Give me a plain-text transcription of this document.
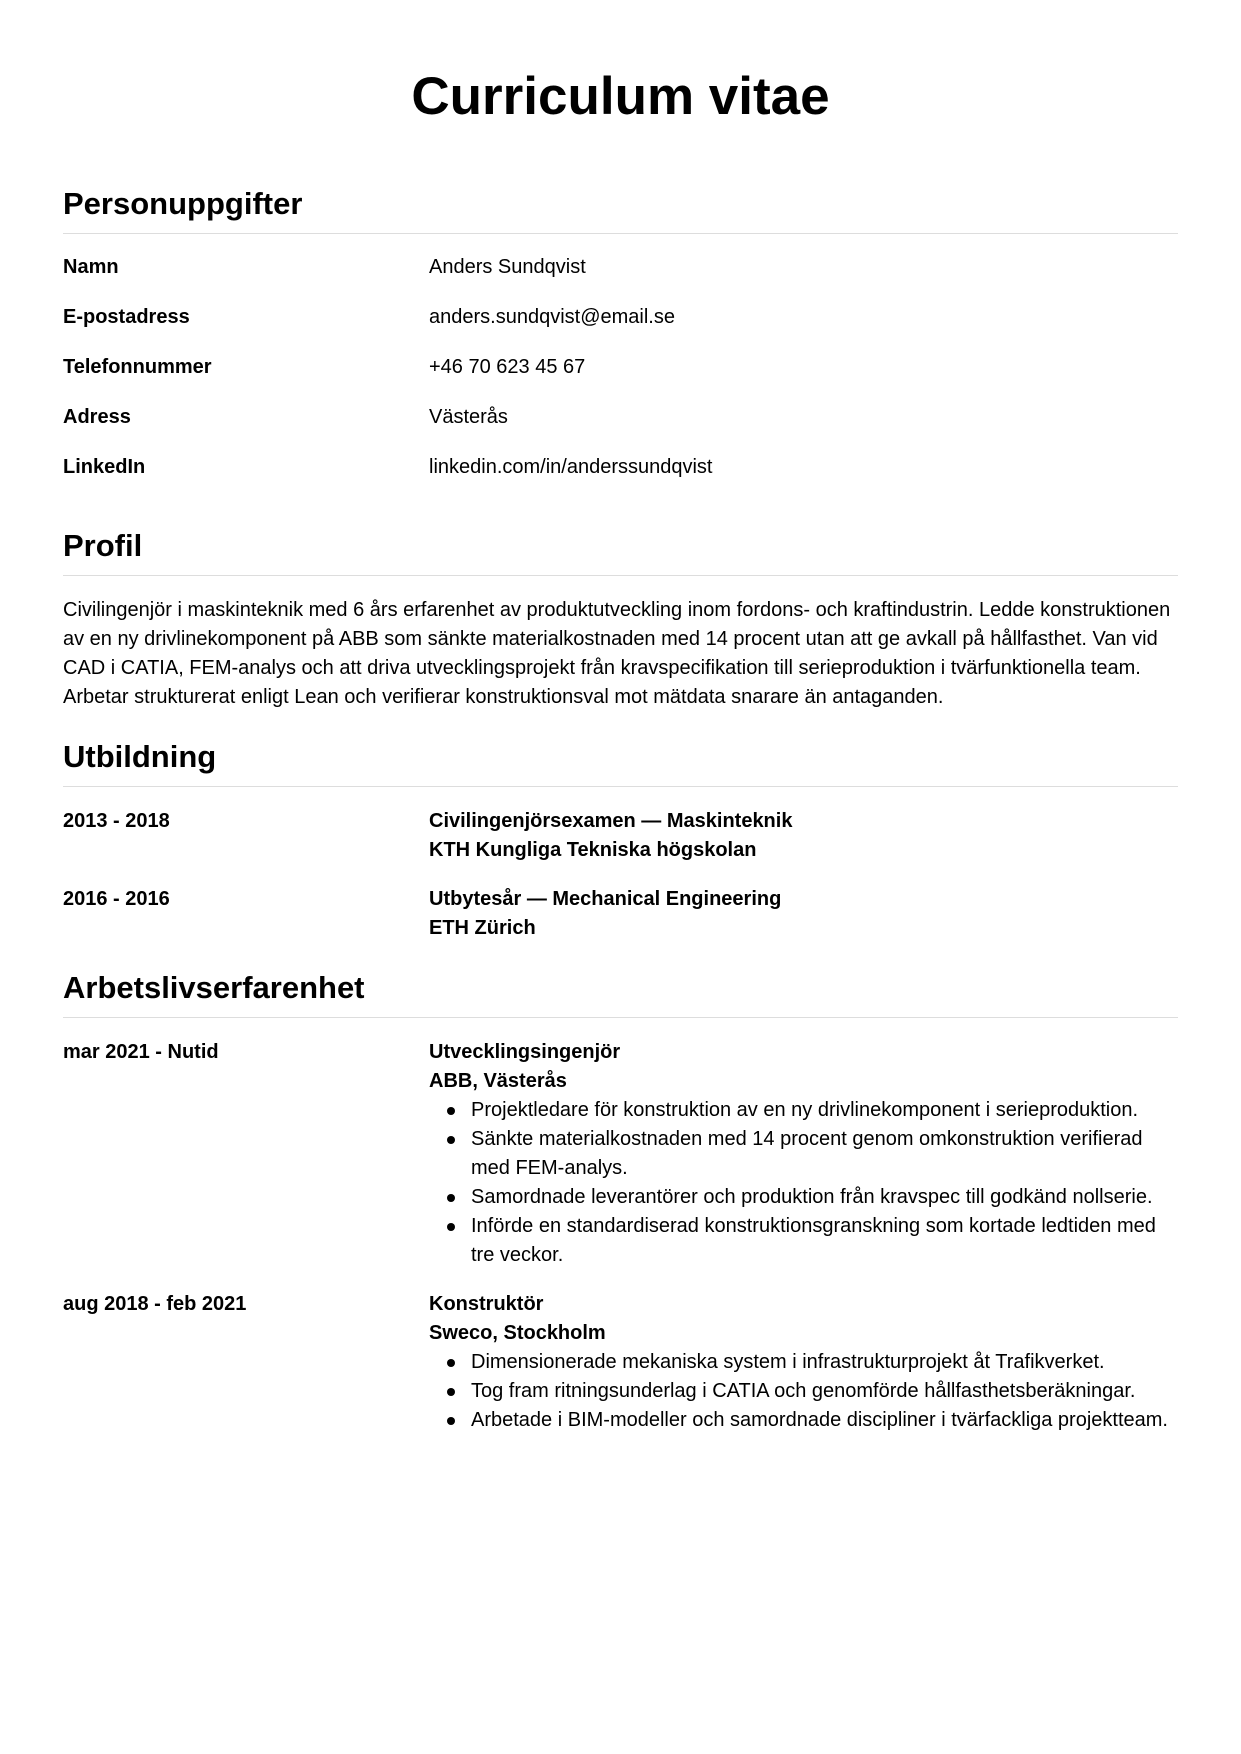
Curriculum vitae
Personuppgifter
Namn	Anders Sundqvist
E-postadress	anders.sundqvist@email.se
Telefonnummer	+46 70 623 45 67
Adress	Västerås
LinkedIn	linkedin.com/in/anderssundqvist
Profil

Civilingenjör i maskinteknik med 6 års erfarenhet av produktutveckling inom fordons- och kraftindustrin. Ledde konstruktionen av en ny drivlinekomponent på ABB som sänkte materialkostnaden med 14 procent utan att ge avkall på hållfasthet. Van vid CAD i CATIA, FEM-analys och att driva utvecklingsprojekt från kravspecifikation till serieproduktion i tvärfunktionella team. Arbetar strukturerat enligt Lean och verifierar konstruktionsval mot mätdata snarare än antaganden.

Utbildning
2013 - 2018	Civilingenjörsexamen — Maskinteknik
KTH Kungliga Tekniska högskolan
2016 - 2016	Utbytesår — Mechanical Engineering
ETH Zürich
Arbetslivserfarenhet
mar 2021 - Nutid	Utvecklingsingenjör
ABB, Västerås
Projektledare för konstruktion av en ny drivlinekomponent i serieproduktion.
Sänkte materialkostnaden med 14 procent genom omkonstruktion verifierad med FEM-analys.
Samordnade leverantörer och produktion från kravspec till godkänd nollserie.
Införde en standardiserad konstruktionsgranskning som kortade ledtiden med tre veckor.
aug 2018 - feb 2021	Konstruktör
Sweco, Stockholm
Dimensionerade mekaniska system i infrastrukturprojekt åt Trafikverket.
Tog fram ritningsunderlag i CATIA och genomförde hållfasthetsberäkningar.
Arbetade i BIM-modeller och samordnade discipliner i tvärfackliga projektteam.
